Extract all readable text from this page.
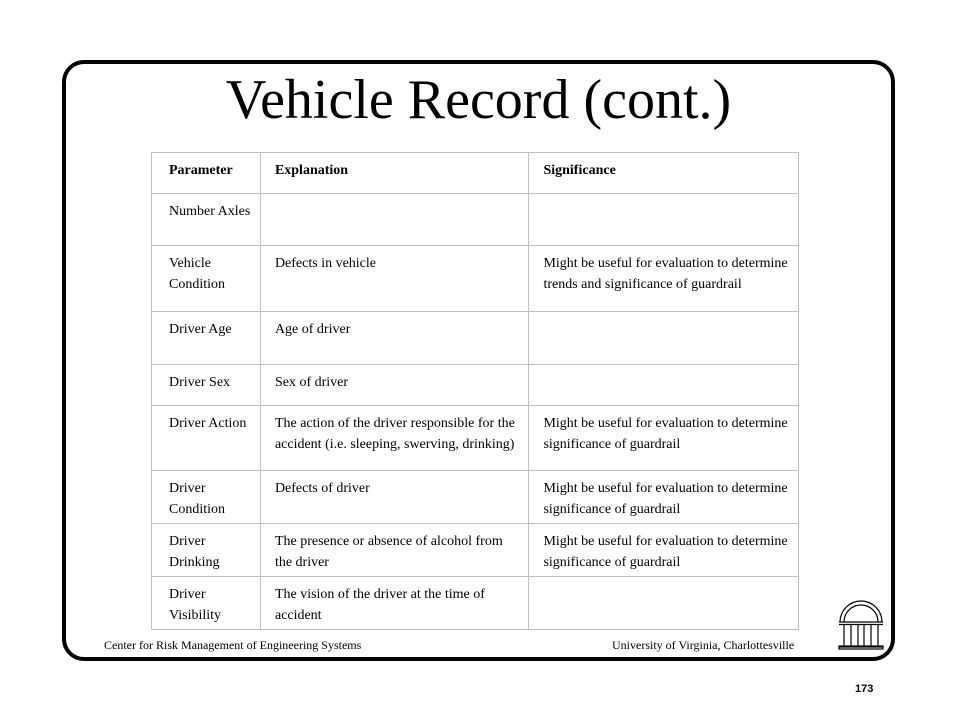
Vehicle Record (cont.)
Parameter	Explanation	Significance
Number Axles		
Vehicle Condition	Defects in vehicle	Might be useful for evaluation to determine trends and significance of guardrail
Driver Age	Age of driver	
Driver Sex	Sex of driver	
Driver Action	The action of the driver responsible for the accident (i.e. sleeping, swerving, drinking)	Might be useful for evaluation to determine significance of guardrail
Driver Condition	Defects of driver	Might be useful for evaluation to determine significance of guardrail
Driver Drinking	The presence or absence of alcohol from the driver	Might be useful for evaluation to determine significance of guardrail
Driver Visibility	The vision of the driver at the time of accident	
Center for Risk Management of Engineering Systems	University of Virginia, Charlottesville
173
